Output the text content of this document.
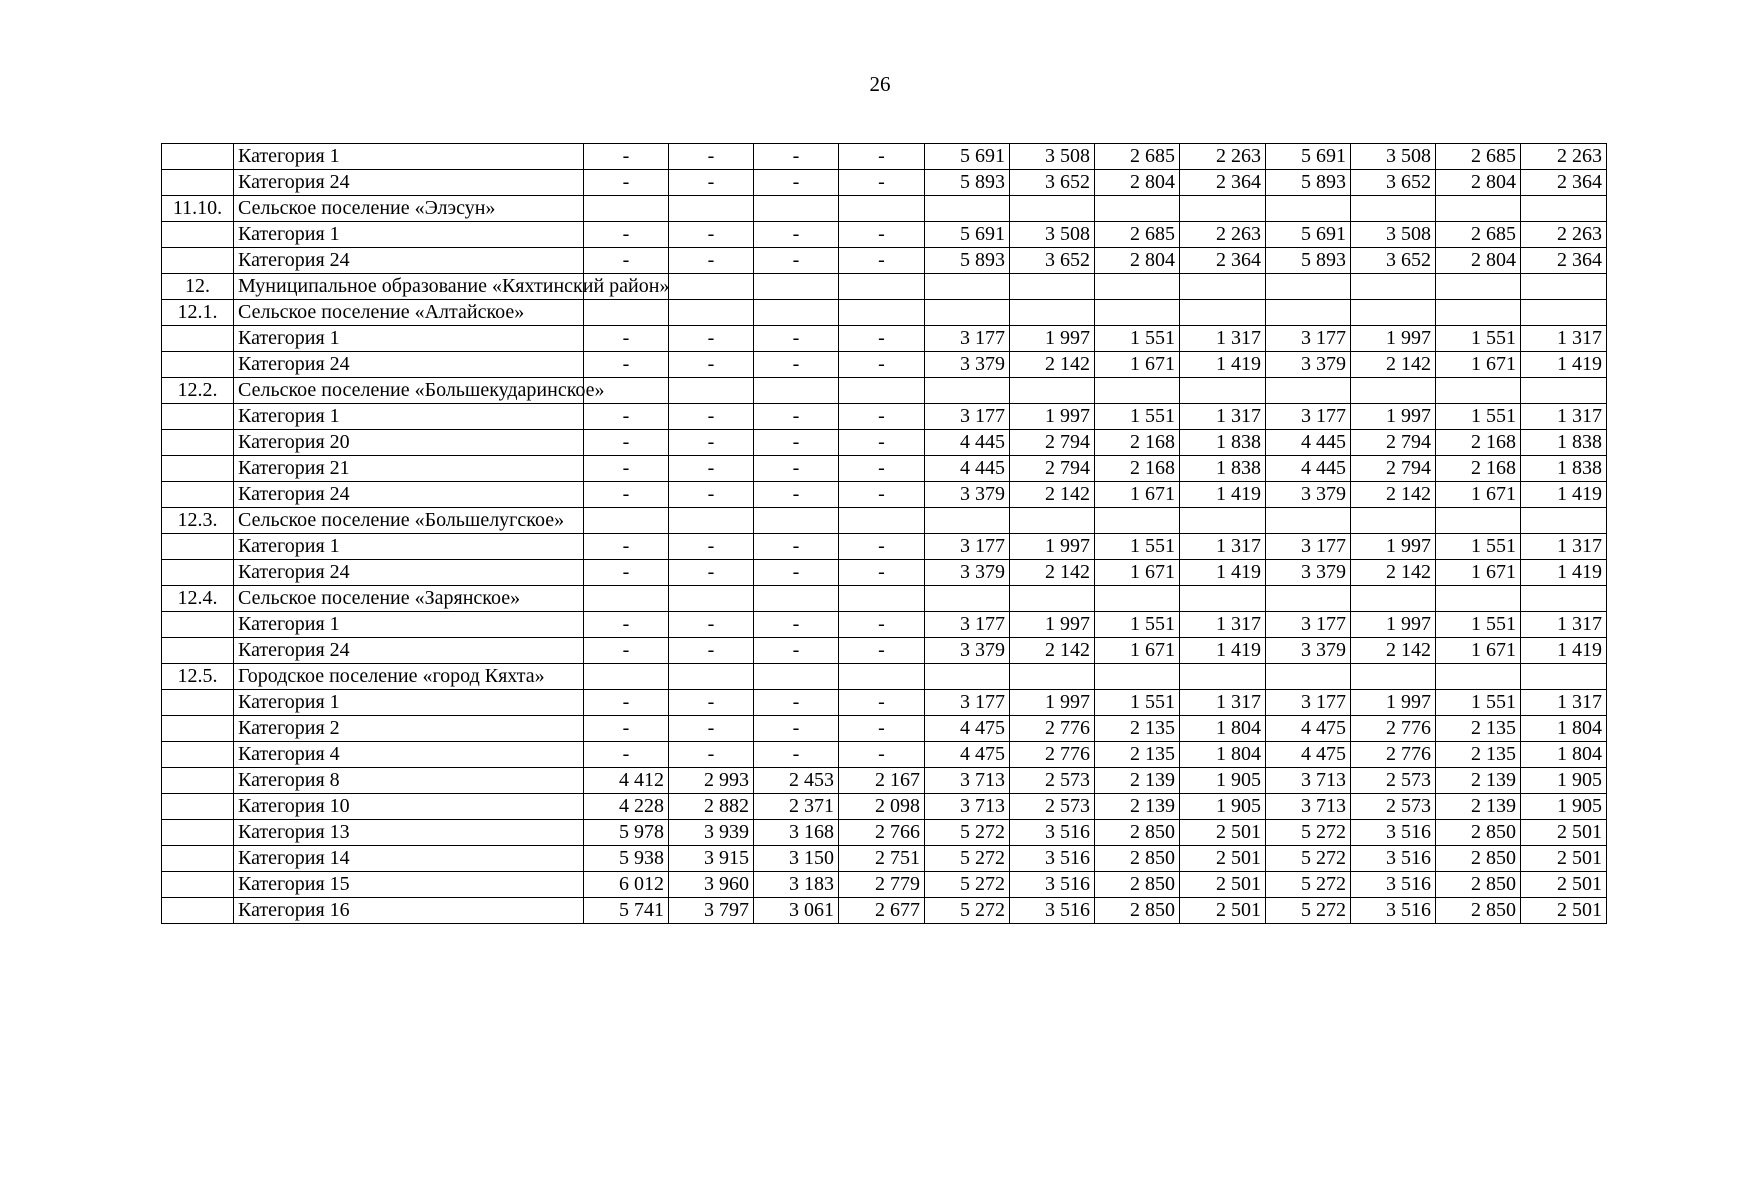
26
	Категория 1	-	-	-	-	5 691	3 508	2 685	2 263	5 691	3 508	2 685	2 263
	Категория 24	-	-	-	-	5 893	3 652	2 804	2 364	5 893	3 652	2 804	2 364
11.10.	Сельское поселение «Элэсун»												
	Категория 1	-	-	-	-	5 691	3 508	2 685	2 263	5 691	3 508	2 685	2 263
	Категория 24	-	-	-	-	5 893	3 652	2 804	2 364	5 893	3 652	2 804	2 364
12.	Муниципальное образование «Кяхтинский район»												
12.1.	Сельское поселение «Алтайское»												
	Категория 1	-	-	-	-	3 177	1 997	1 551	1 317	3 177	1 997	1 551	1 317
	Категория 24	-	-	-	-	3 379	2 142	1 671	1 419	3 379	2 142	1 671	1 419
12.2.	Сельское поселение «Большекударинское»												
	Категория 1	-	-	-	-	3 177	1 997	1 551	1 317	3 177	1 997	1 551	1 317
	Категория 20	-	-	-	-	4 445	2 794	2 168	1 838	4 445	2 794	2 168	1 838
	Категория 21	-	-	-	-	4 445	2 794	2 168	1 838	4 445	2 794	2 168	1 838
	Категория 24	-	-	-	-	3 379	2 142	1 671	1 419	3 379	2 142	1 671	1 419
12.3.	Сельское поселение «Большелугское»												
	Категория 1	-	-	-	-	3 177	1 997	1 551	1 317	3 177	1 997	1 551	1 317
	Категория 24	-	-	-	-	3 379	2 142	1 671	1 419	3 379	2 142	1 671	1 419
12.4.	Сельское поселение «Зарянское»												
	Категория 1	-	-	-	-	3 177	1 997	1 551	1 317	3 177	1 997	1 551	1 317
	Категория 24	-	-	-	-	3 379	2 142	1 671	1 419	3 379	2 142	1 671	1 419
12.5.	Городское поселение «город Кяхта»												
	Категория 1	-	-	-	-	3 177	1 997	1 551	1 317	3 177	1 997	1 551	1 317
	Категория 2	-	-	-	-	4 475	2 776	2 135	1 804	4 475	2 776	2 135	1 804
	Категория 4	-	-	-	-	4 475	2 776	2 135	1 804	4 475	2 776	2 135	1 804
	Категория 8	4 412	2 993	2 453	2 167	3 713	2 573	2 139	1 905	3 713	2 573	2 139	1 905
	Категория 10	4 228	2 882	2 371	2 098	3 713	2 573	2 139	1 905	3 713	2 573	2 139	1 905
	Категория 13	5 978	3 939	3 168	2 766	5 272	3 516	2 850	2 501	5 272	3 516	2 850	2 501
	Категория 14	5 938	3 915	3 150	2 751	5 272	3 516	2 850	2 501	5 272	3 516	2 850	2 501
	Категория 15	6 012	3 960	3 183	2 779	5 272	3 516	2 850	2 501	5 272	3 516	2 850	2 501
	Категория 16	5 741	3 797	3 061	2 677	5 272	3 516	2 850	2 501	5 272	3 516	2 850	2 501
